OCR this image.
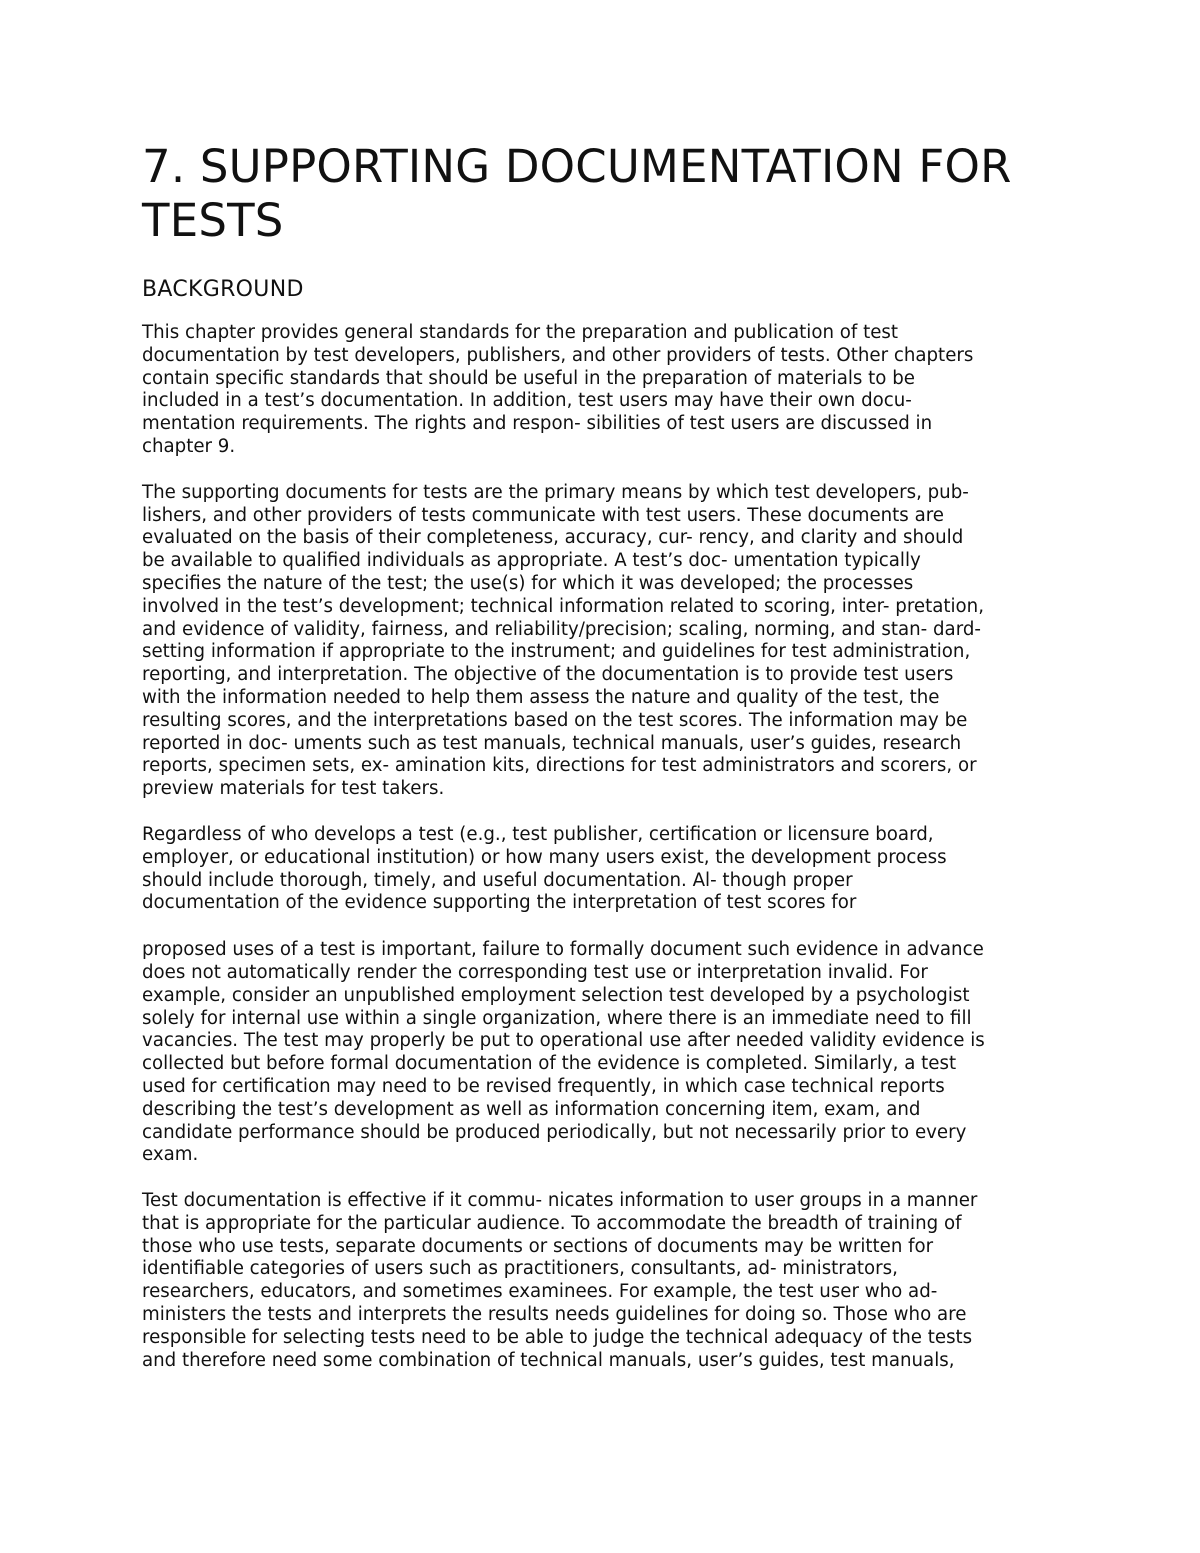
7. SUPPORTING DOCUMENTATION FOR
TESTS
BACKGROUND

This chapter provides general standards for the preparation and publication of test
documentation by test developers, publishers, and other providers of tests. Other chapters
contain specific standards that should be useful in the preparation of materials to be
included in a test’s documentation. In addition, test users may have their own docu-
mentation requirements. The rights and respon- sibilities of test users are discussed in
chapter 9.

The supporting documents for tests are the primary means by which test developers, pub-
lishers, and other providers of tests communicate with test users. These documents are
evaluated on the basis of their completeness, accuracy, cur- rency, and clarity and should
be available to qualified individuals as appropriate. A test’s doc- umentation typically
specifies the nature of the test; the use(s) for which it was developed; the processes
involved in the test’s development; technical information related to scoring, inter- pretation,
and evidence of validity, fairness, and reliability/precision; scaling, norming, and stan- dard-
setting information if appropriate to the instrument; and guidelines for test administration,
reporting, and interpretation. The objective of the documentation is to provide test users
with the information needed to help them assess the nature and quality of the test, the
resulting scores, and the interpretations based on the test scores. The information may be
reported in doc- uments such as test manuals, technical manuals, user’s guides, research
reports, specimen sets, ex- amination kits, directions for test administrators and scorers, or
preview materials for test takers.

Regardless of who develops a test (e.g., test publisher, certification or licensure board,
employer, or educational institution) or how many users exist, the development process
should include thorough, timely, and useful documentation. Al- though proper
documentation of the evidence supporting the interpretation of test scores for

proposed uses of a test is important, failure to formally document such evidence in advance
does not automatically render the corresponding test use or interpretation invalid. For
example, consider an unpublished employment selection test developed by a psychologist
solely for internal use within a single organization, where there is an immediate need to fill
vacancies. The test may properly be put to operational use after needed validity evidence is
collected but before formal documentation of the evidence is completed. Similarly, a test
used for certification may need to be revised frequently, in which case technical reports
describing the test’s development as well as information concerning item, exam, and
candidate performance should be produced periodically, but not necessarily prior to every
exam.

Test documentation is effective if it commu- nicates information to user groups in a manner
that is appropriate for the particular audience. To accommodate the breadth of training of
those who use tests, separate documents or sections of documents may be written for
identifiable categories of users such as practitioners, consultants, ad- ministrators,
researchers, educators, and sometimes examinees. For example, the test user who ad-
ministers the tests and interprets the results needs guidelines for doing so. Those who are
responsible for selecting tests need to be able to judge the technical adequacy of the tests
and therefore need some combination of technical manuals, user’s guides, test manuals,
